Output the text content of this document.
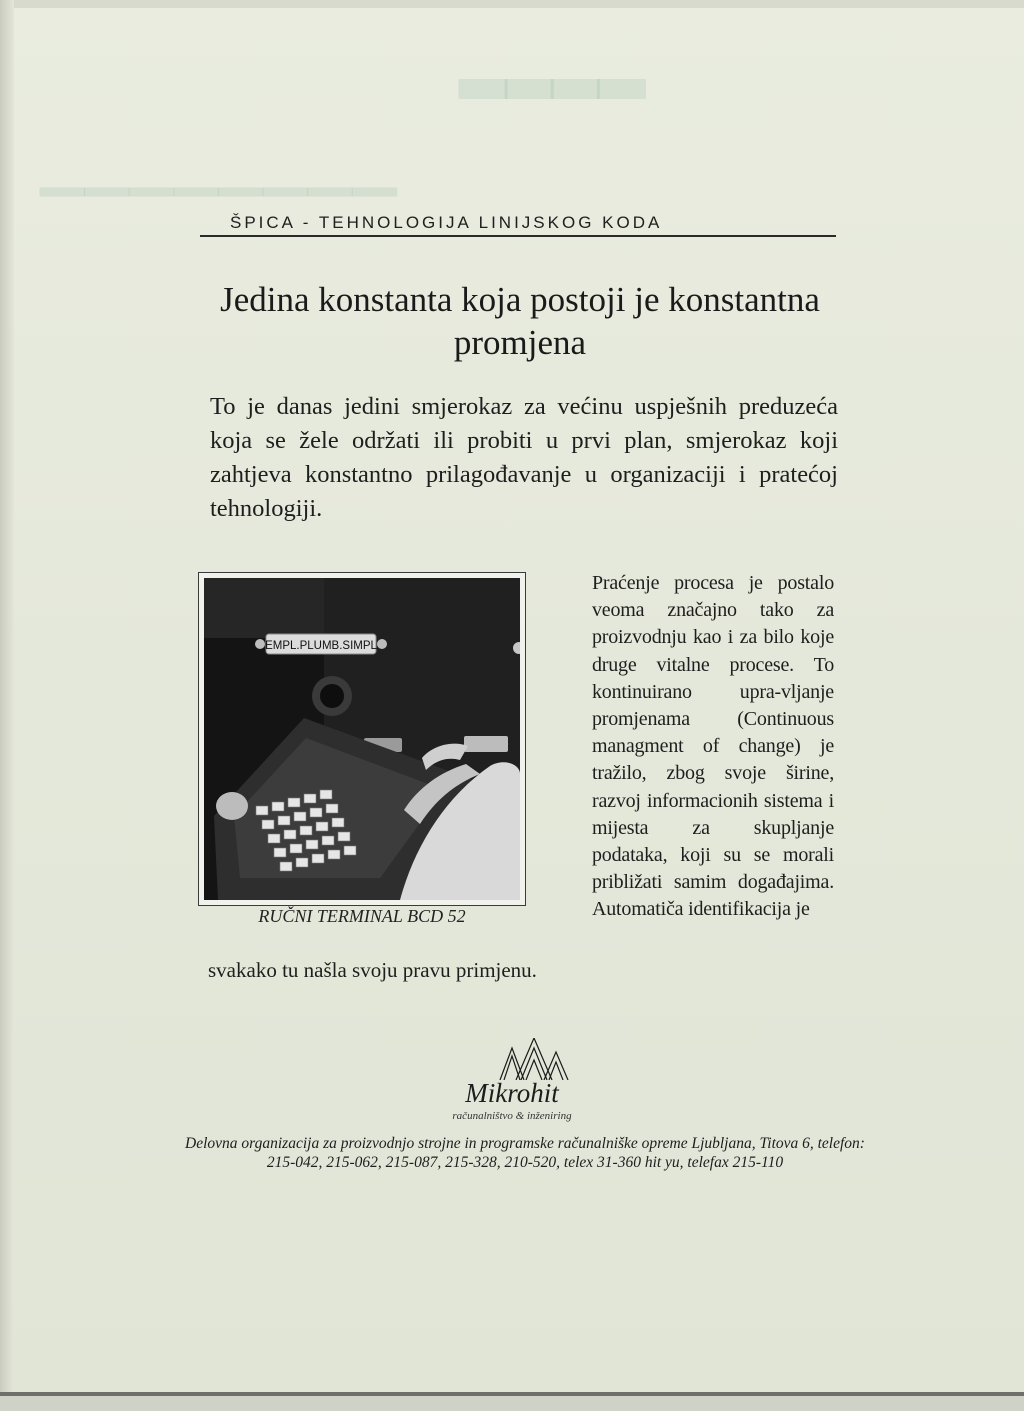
▂▂▂▂
▁▁▁▁▁▁▁▁
ŠPICA - TEHNOLOGIJA LINIJSKOG KODA
Jedina konstanta koja postoji je konstantna promjena

To je danas jedini smjerokaz za većinu uspješnih preduzeća koja se žele održati ili probiti u prvi plan, smjerokaz koji zahtjeva konstantno prilagođavanje u organizaciji i pratećoj tehnologiji.

EMPL.PLUMB.SIMPL
RUČNI TERMINAL BCD 52
svakako tu našla svoju pravu primjenu.

Praćenje procesa je postalo veoma značajno tako za proizvodnju kao i za bilo koje druge vitalne procese. To kontinuirano upra-vljanje promjenama (Continuous managment of change) je tražilo, zbog svoje širine, razvoj informacionih sistema i mijesta za skupljanje podataka, koji su se morali približati samim događajima. Automatiča identifikacija je

Mikrohit
računalništvo & inženiring

Delovna organizacija za proizvodnjo strojne in programske računalniške opreme Ljubljana, Titova 6, telefon: 215-042, 215-062, 215-087, 215-328, 210-520, telex 31-360 hit yu, telefax 215-110
